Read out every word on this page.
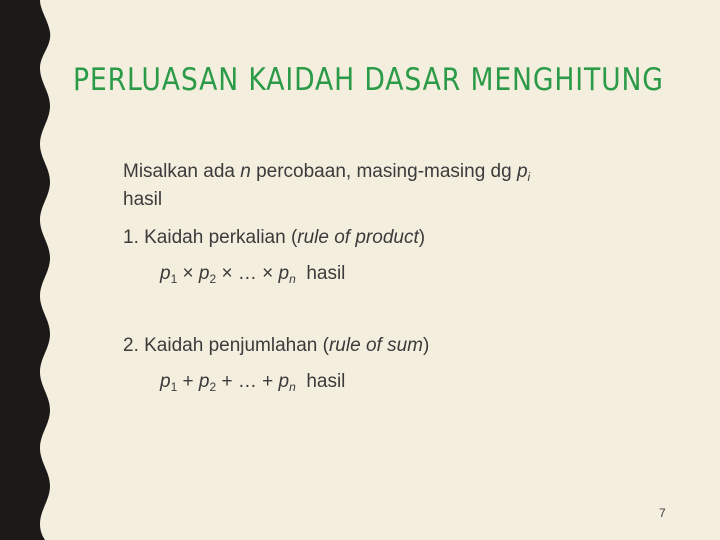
PERLUASAN KAIDAH DASAR MENGHITUNG
Misalkan ada n percobaan, masing-masing dg $p_i$
hasil
1. Kaidah perkalian (rule of product)
$p_1 \times p_2$ × … × $p_n$  hasil
2. Kaidah penjumlahan (rule of sum)
$p_1 + p_2$ + … + $p_n$  hasil
7
